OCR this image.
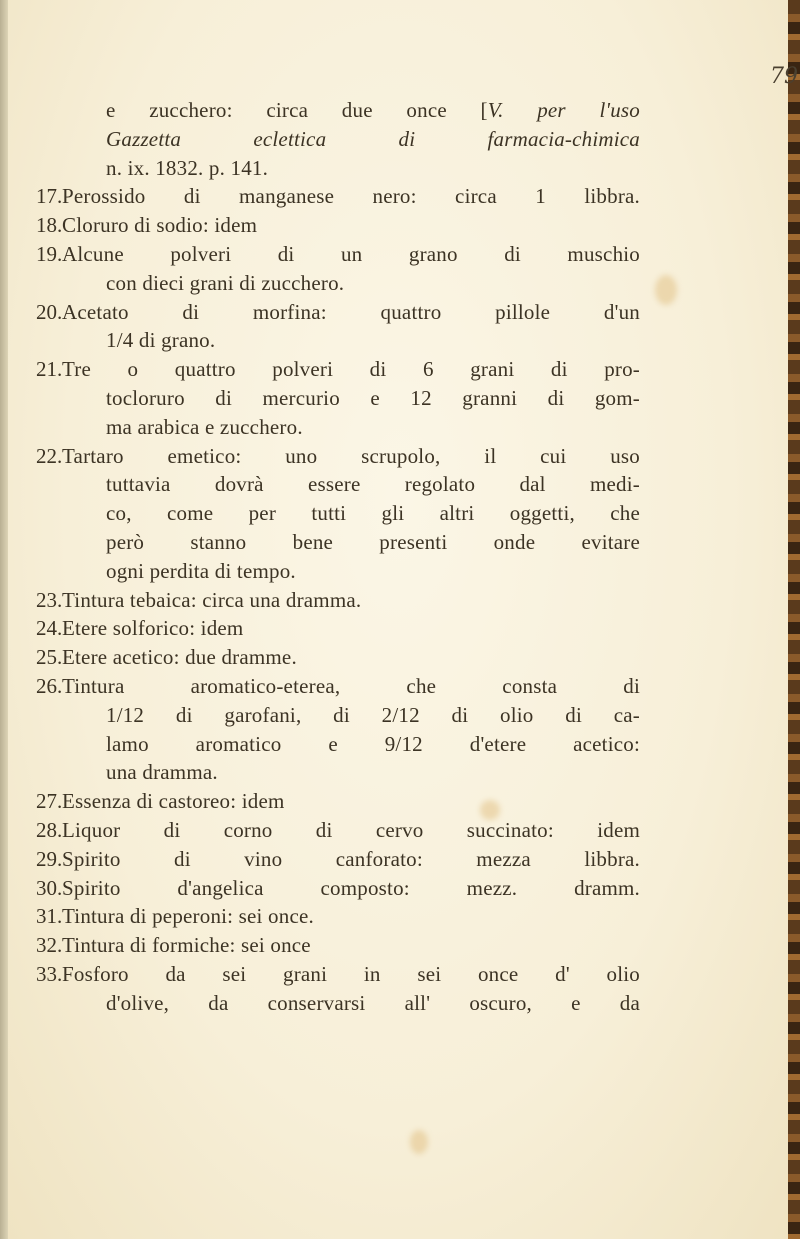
79
e zucchero: circa due once [V. per l'uso
Gazzetta eclettica di farmacia-chimica
n. ix. 1832. p. 141.
17. Perossido di manganese nero: circa 1 libbra.
18. Cloruro di sodio: idem
19. Alcune polveri di un grano di muschio
con dieci grani di zucchero.
20. Acetato di morfina: quattro pillole d'un
1/4 di grano.
21. Tre o quattro polveri di 6 grani di pro-
tocloruro di mercurio e 12 granni di gom-
ma arabica e zucchero.
22. Tartaro emetico: uno scrupolo, il cui uso
tuttavia dovrà essere regolato dal medi-
co, come per tutti gli altri oggetti, che
però stanno bene presenti onde evitare
ogni perdita di tempo.
23. Tintura tebaica: circa una dramma.
24. Etere solforico: idem
25. Etere acetico: due dramme.
26. Tintura aromatico-eterea, che consta di
1/12 di garofani, di 2/12 di olio di ca-
lamo aromatico e 9/12 d'etere acetico:
una dramma.
27. Essenza di castoreo: idem
28. Liquor di corno di cervo succinato: idem
29. Spirito di vino canforato: mezza libbra.
30. Spirito d'angelica composto: mezz. dramm.
31. Tintura di peperoni: sei once.
32. Tintura di formiche: sei once
33. Fosforo da sei grani in sei once d' olio
d'olive, da conservarsi all' oscuro, e da
